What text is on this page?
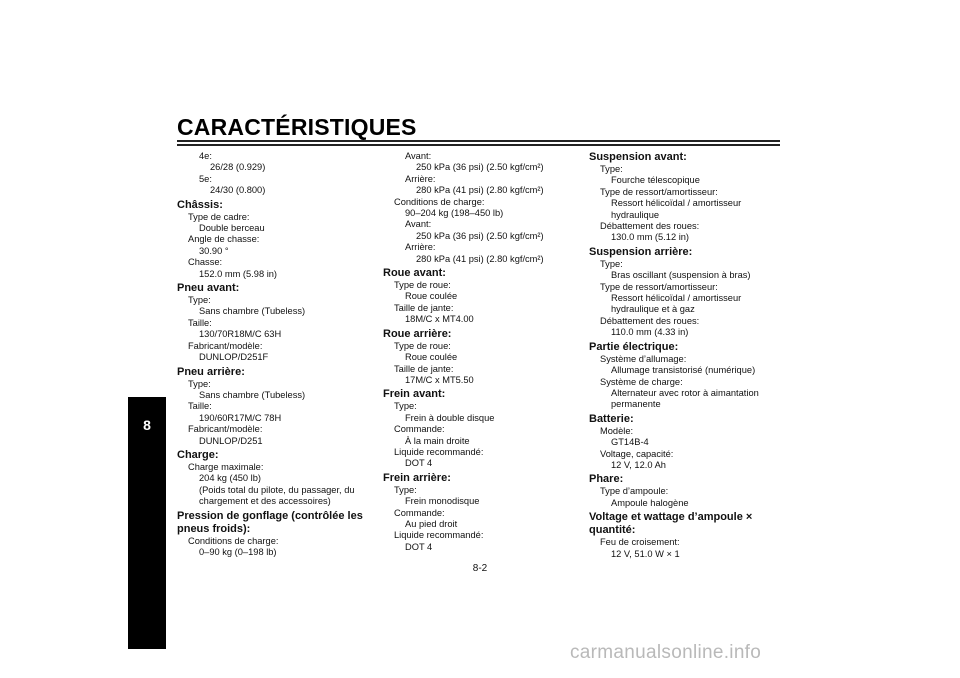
CARACTÉRISTIQUES
8
4e:
26/28 (0.929)
5e:
24/30 (0.800)
Châssis:
Type de cadre:
Double berceau
Angle de chasse:
30.90 °
Chasse:
152.0 mm (5.98 in)
Pneu avant:
Type:
Sans chambre (Tubeless)
Taille:
130/70R18M/C 63H
Fabricant/modèle:
DUNLOP/D251F
Pneu arrière:
Type:
Sans chambre (Tubeless)
Taille:
190/60R17M/C 78H
Fabricant/modèle:
DUNLOP/D251
Charge:
Charge maximale:
204 kg (450 lb)
(Poids total du pilote, du passager, du
chargement et des accessoires)
Pression de gonflage (contrôlée les
pneus froids):
Conditions de charge:
0–90 kg (0–198 lb)
Avant:
250 kPa (36 psi) (2.50 kgf/cm²)
Arrière:
280 kPa (41 psi) (2.80 kgf/cm²)
Conditions de charge:
90–204 kg (198–450 lb)
Avant:
250 kPa (36 psi) (2.50 kgf/cm²)
Arrière:
280 kPa (41 psi) (2.80 kgf/cm²)
Roue avant:
Type de roue:
Roue coulée
Taille de jante:
18M/C x MT4.00
Roue arrière:
Type de roue:
Roue coulée
Taille de jante:
17M/C x MT5.50
Frein avant:
Type:
Frein à double disque
Commande:
À la main droite
Liquide recommandé:
DOT 4
Frein arrière:
Type:
Frein monodisque
Commande:
Au pied droit
Liquide recommandé:
DOT 4
Suspension avant:
Type:
Fourche télescopique
Type de ressort/amortisseur:
Ressort hélicoïdal / amortisseur
hydraulique
Débattement des roues:
130.0 mm (5.12 in)
Suspension arrière:
Type:
Bras oscillant (suspension à bras)
Type de ressort/amortisseur:
Ressort hélicoïdal / amortisseur
hydraulique et à gaz
Débattement des roues:
110.0 mm (4.33 in)
Partie électrique:
Système d’allumage:
Allumage transistorisé (numérique)
Système de charge:
Alternateur avec rotor à aimantation
permanente
Batterie:
Modèle:
GT14B-4
Voltage, capacité:
12 V, 12.0 Ah
Phare:
Type d’ampoule:
Ampoule halogène
Voltage et wattage d’ampoule × quantité:
Feu de croisement:
12 V, 51.0 W × 1
8-2
carmanualsonline.info
